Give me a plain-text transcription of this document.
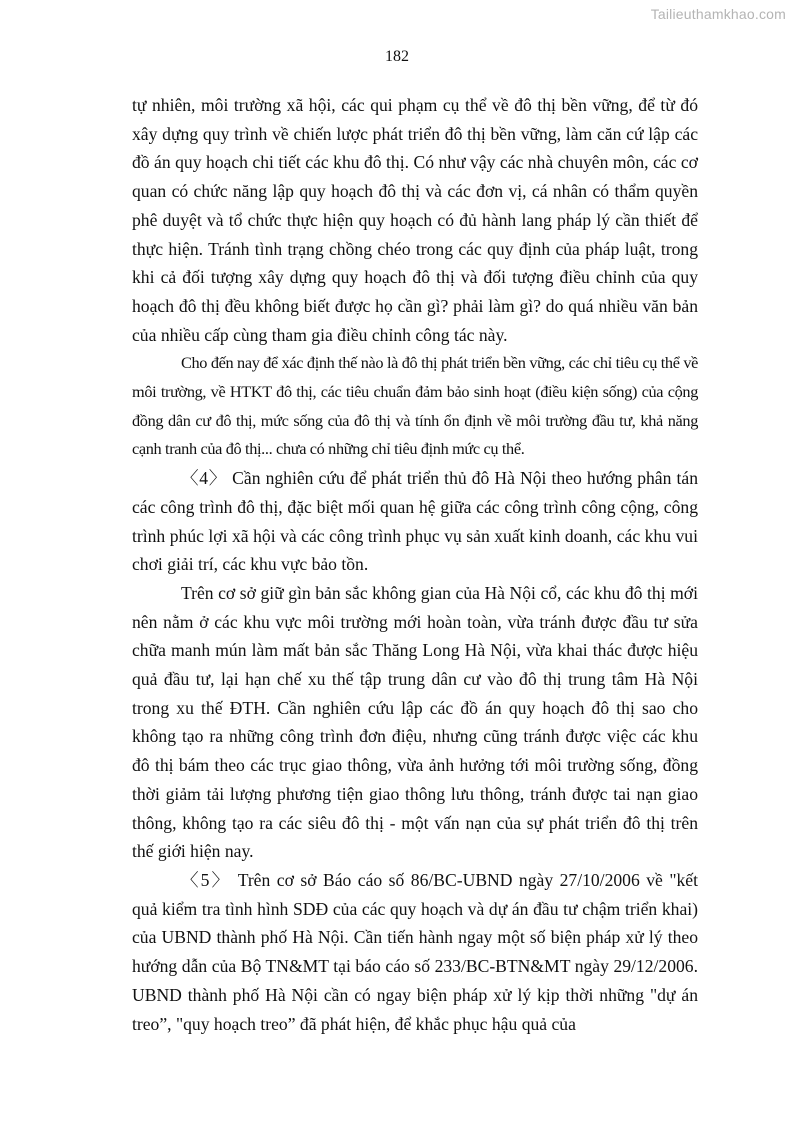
Tailieuthamkhao.com
182

tự nhiên, môi trường xã hội, các qui phạm cụ thể về đô thị bền vững, để từ đó xây dựng quy trình về chiến lược phát triển đô thị bền vững, làm căn cứ lập các đồ án quy hoạch chi tiết các khu đô thị. Có như vậy các nhà chuyên môn, các cơ quan có chức năng lập quy hoạch đô thị và các đơn vị, cá nhân có thẩm quyền phê duyệt và tổ chức thực hiện quy hoạch có đủ hành lang pháp lý cần thiết để thực hiện. Tránh tình trạng chồng chéo trong các quy định của pháp luật, trong khi cả đối tượng xây dựng quy hoạch đô thị và đối tượng điều chỉnh của quy hoạch đô thị đều không biết được họ cần gì? phải làm gì? do quá nhiều văn bản của nhiều cấp cùng tham gia điều chỉnh công tác này.

Cho đến nay để xác định thế nào là đô thị phát triển bền vững, các chỉ tiêu cụ thể về môi trường, về HTKT đô thị, các tiêu chuẩn đảm bảo sinh hoạt (điều kiện sống) của cộng đồng dân cư đô thị, mức sống của đô thị và tính ổn định về môi trường đầu tư, khả năng cạnh tranh của đô thị... chưa có những chỉ tiêu định mức cụ thể.

〈4〉 Cần nghiên cứu để phát triển thủ đô Hà Nội theo hướng phân tán các công trình đô thị, đặc biệt mối quan hệ giữa các công trình công cộng, công trình phúc lợi xã hội và các công trình phục vụ sản xuất kinh doanh, các khu vui chơi giải trí, các khu vực bảo tồn.

Trên cơ sở giữ gìn bản sắc không gian của Hà Nội cổ, các khu đô thị mới nên nằm ở các khu vực môi trường mới hoàn toàn, vừa tránh được đầu tư sửa chữa manh mún làm mất bản sắc Thăng Long Hà Nội, vừa khai thác được hiệu quả đầu tư, lại hạn chế xu thế tập trung dân cư vào đô thị trung tâm Hà Nội trong xu thế ĐTH. Cần nghiên cứu lập các đồ án quy hoạch đô thị sao cho không tạo ra những công trình đơn điệu, nhưng cũng tránh được việc các khu đô thị bám theo các trục giao thông, vừa ảnh hưởng tới môi trường sống, đồng thời giảm tải lượng phương tiện giao thông lưu thông, tránh được tai nạn giao thông, không tạo ra các siêu đô thị - một vấn nạn của sự phát triển đô thị trên thế giới hiện nay.

〈5〉 Trên cơ sở Báo cáo số 86/BC-UBND ngày 27/10/2006 về "kết quả kiểm tra tình hình SDĐ của các quy hoạch và dự án đầu tư chậm triển khai) của UBND thành phố Hà Nội. Cần tiến hành ngay một số biện pháp xử lý theo hướng dẫn của Bộ TN&MT tại báo cáo số 233/BC-BTN&MT ngày 29/12/2006. UBND thành phố Hà Nội cần có ngay biện pháp xử lý kịp thời những "dự án treo”, "quy hoạch treo” đã phát hiện, để khắc phục hậu quả của
